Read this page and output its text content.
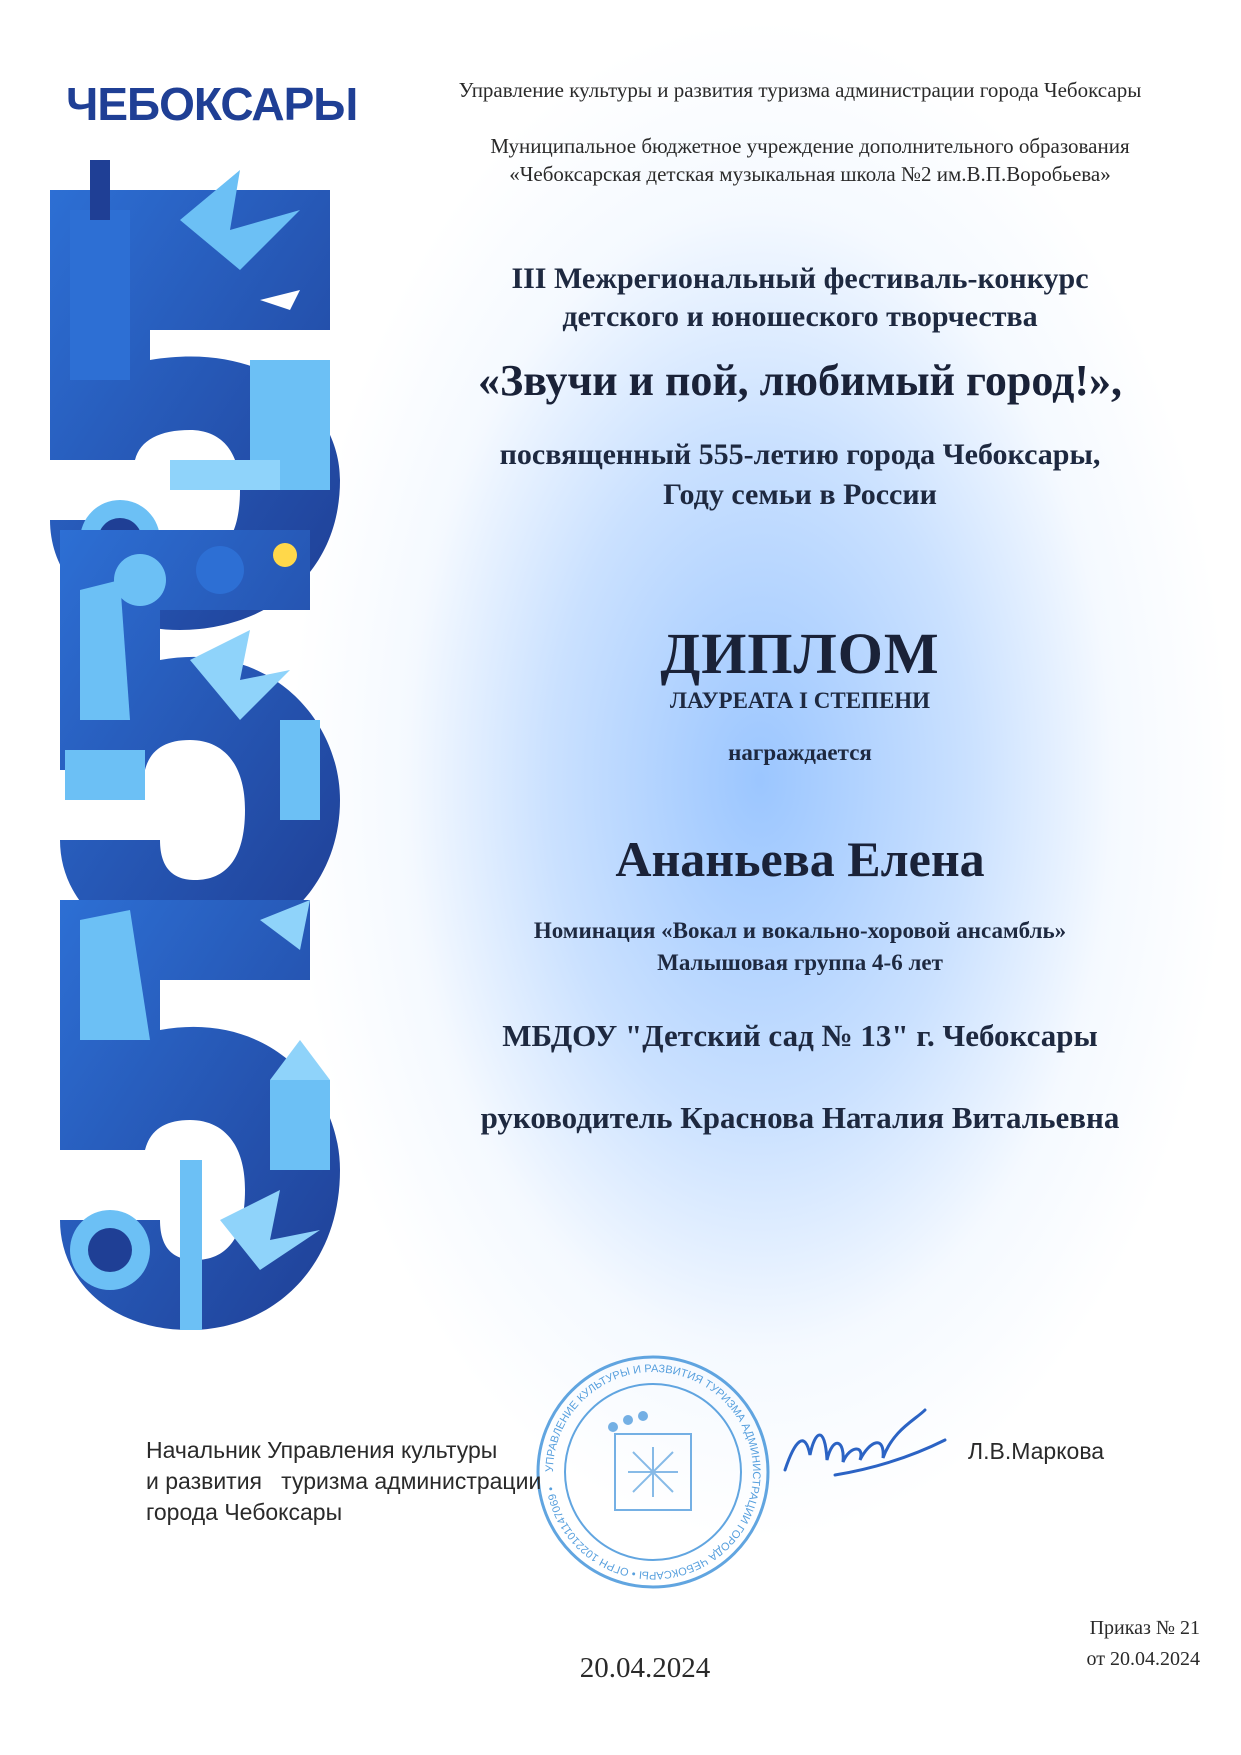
ЧЕБОКСАРЫ	Управление культуры и развития туризма администрации города Чебоксары
Муниципальное бюджетное учреждение дополнительного образования
«Чебоксарская детская музыкальная школа №2 им.В.П.Воробьева»
III Межрегиональный фестиваль-конкурс
детского и юношеского творчества
«Звучи и пой, любимый город!»,
посвященный 555-летию города Чебоксары,
Году семьи в России
ДИПЛОМ
ЛАУРЕАТА I СТЕПЕНИ
награждается
Ананьева Елена
Номинация «Вокал и вокально-хоровой ансамбль»
Малышовая группа 4-6 лет
МБДОУ "Детский сад № 13" г. Чебоксары
руководитель Краснова Наталия Витальевна
УПРАВЛЕНИЕ КУЛЬТУРЫ И РАЗВИТИЯ ТУРИЗМА АДМИНИСТРАЦИИ ГОРОДА ЧЕБОКСАРЫ • ОГРН 1022101147069 •
Начальник Управления культуры
и развития   туризма администрации
города Чебоксары
Л.В.Маркова
20.04.2024
Приказ № 21
от 20.04.2024
